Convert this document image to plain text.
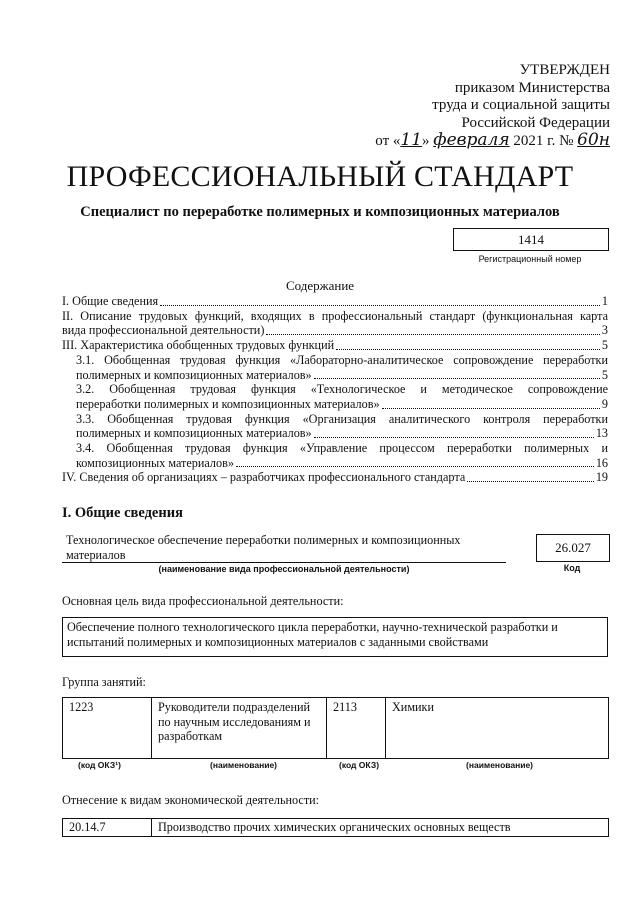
УТВЕРЖДЕН
приказом Министерства
труда и социальной защиты
Российской Федерации
от «11» февраля 2021 г. № 60н
ПРОФЕССИОНАЛЬНЫЙ СТАНДАРТ
Специалист по переработке полимерных и композиционных материалов
1414
Регистрационный номер
Содержание
I. Общие сведения	1
II. Описание трудовых функций, входящих в профессиональный стандарт (функциональная карта
вида профессиональной деятельности)	3
III. Характеристика обобщенных трудовых функций	5
3.1. Обобщенная трудовая функция «Лабораторно-аналитическое сопровождение переработки
полимерных и композиционных материалов»	5
3.2. Обобщенная трудовая функция «Технологическое и методическое сопровождение
переработки полимерных и композиционных материалов»	9
3.3. Обобщенная трудовая функция «Организация аналитического контроля переработки
полимерных и композиционных материалов»	13
3.4. Обобщенная трудовая функция «Управление процессом переработки полимерных и
композиционных материалов»	16
IV. Сведения об организациях – разработчиках профессионального стандарта	19
I. Общие сведения
Технологическое обеспечение переработки полимерных и композиционных материалов
(наименование вида профессиональной деятельности)
26.027
Код
Основная цель вида профессиональной деятельности:
Обеспечение полного технологического цикла переработки, научно-технической разработки и испытаний полимерных и композиционных материалов с заданными свойствами
Группа занятий:
1223	Руководители подразделений по научным исследованиям и разработкам	2113	Химики
(код ОКЗ¹)	(наименование)	(код ОКЗ)	(наименование)
Отнесение к видам экономической деятельности:
20.14.7	Производство прочих химических органических основных веществ
